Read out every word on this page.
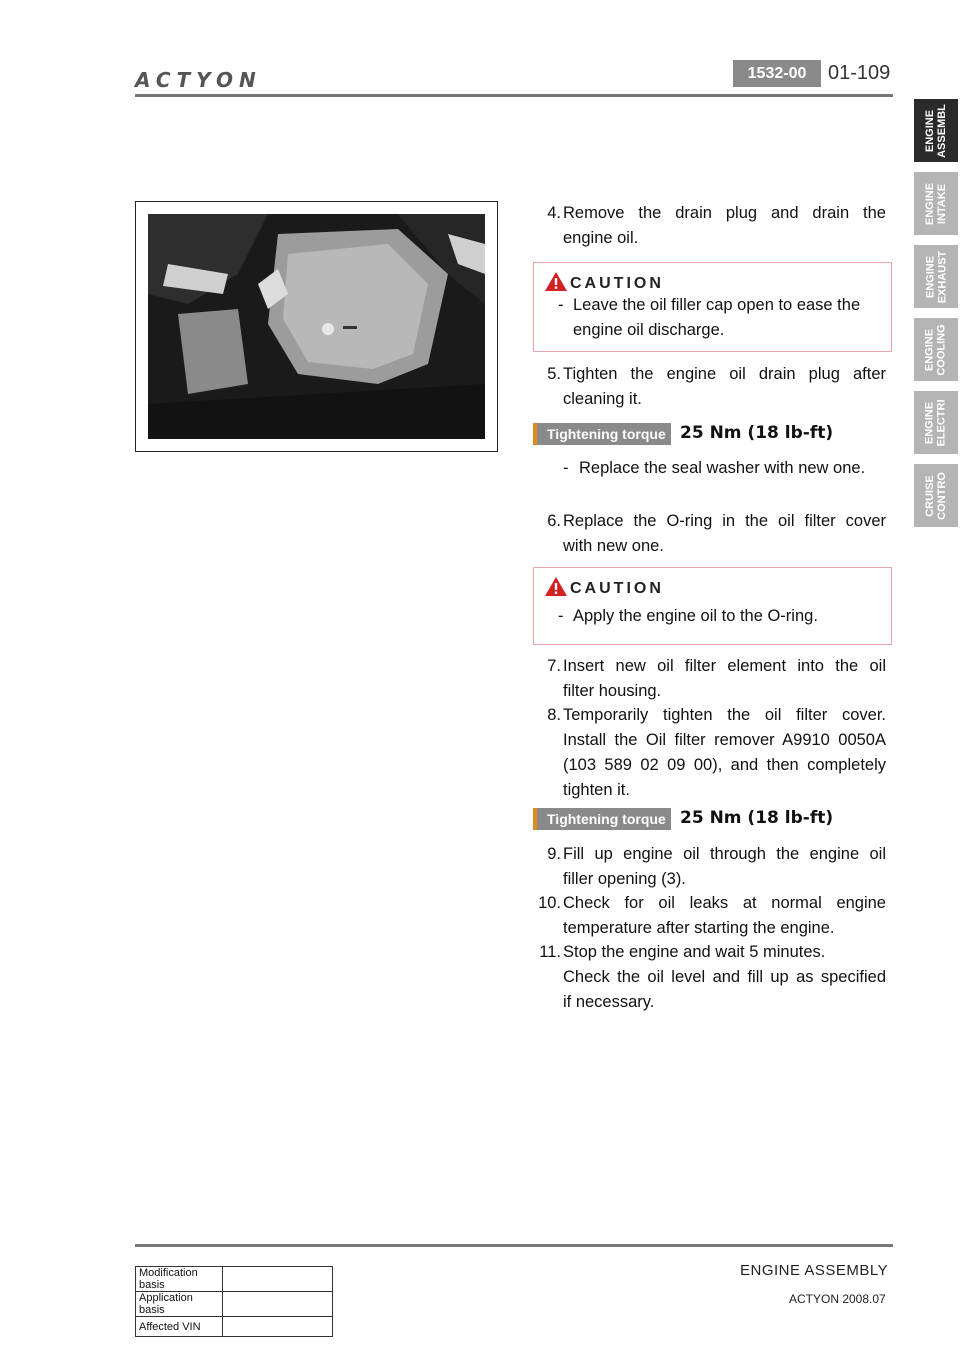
ACTYON	1532-00	01-109
ENGINE
ASSEMBL
ENGINE
INTAKE
ENGINE
EXHAUST
ENGINE
COOLING
ENGINE
ELECTRI
CRUISE
CONTRO
4. Remove the drain plug and drain the
engine oil.
CAUTION
- Leave the oil filler cap open to ease the
engine oil discharge.
5. Tighten the engine oil drain plug after
cleaning it.
Tightening torque 25 Nm (18 lb-ft)
- Replace the seal washer with new one.
6. Replace the O-ring in the oil filter cover
with new one.
CAUTION
- Apply the engine oil to the O-ring.
7. Insert new oil filter element into the oil
filter housing.
8. Temporarily tighten the oil filter cover.
Install the Oil filter remover A9910 0050A
(103 589 02 09 00), and then completely
tighten it.
Tightening torque 25 Nm (18 lb-ft)
9. Fill up engine oil through the engine oil
filler opening (3).
10. Check for oil leaks at normal engine
temperature after starting the engine.
11. Stop the engine and wait 5 minutes.
Check the oil level and fill up as specified
if necessary.
Modification basis	
Application basis	
Affected VIN	
ENGINE ASSEMBLY
ACTYON 2008.07
